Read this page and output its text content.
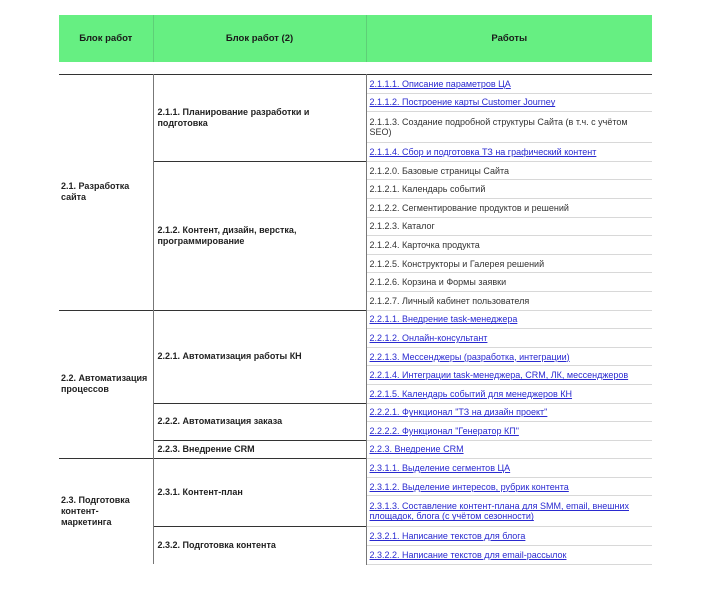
Блок работ	Блок работ (2)	Работы

2.1. Разработка сайта	2.1.1. Планирование разработки и подготовка	2.1.1.1. Описание параметров ЦА
		2.1.1.2. Построение карты Customer Journey
		2.1.1.3. Создание подробной структуры Сайта (в т.ч. с учётом SEO)
		2.1.1.4. Сбор и подготовка ТЗ на графический контент
	2.1.2. Контент, дизайн, верстка, программирование	2.1.2.0. Базовые страницы Сайта
		2.1.2.1. Календарь событий
		2.1.2.2. Сегментирование продуктов и решений
		2.1.2.3. Каталог
		2.1.2.4. Карточка продукта
		2.1.2.5. Конструкторы и Галерея решений
		2.1.2.6. Корзина и Формы заявки
		2.1.2.7. Личный кабинет пользователя
2.2. Автоматизация процессов	2.2.1. Автоматизация работы КН	2.2.1.1. Внедрение task-менеджера
		2.2.1.2. Онлайн-консультант
		2.2.1.3. Мессенджеры (разработка, интеграции)
		2.2.1.4. Интеграции task-менеджера, CRM, ЛК, мессенджеров
		2.2.1.5. Календарь событий для менеджеров КН
	2.2.2. Автоматизация заказа	2.2.2.1. Функционал "ТЗ на дизайн проект"
		2.2.2.2. Функционал "Генератор КП"
	2.2.3. Внедрение CRM	2.2.3. Внедрение CRM
2.3. Подготовка контент-маркетинга	2.3.1. Контент-план	2.3.1.1. Выделение сегментов ЦА
		2.3.1.2. Выделение интересов, рубрик контента
		2.3.1.3. Составление контент-плана для SMM, email, внешних площадок, блога (с учётом сезонности)
	2.3.2. Подготовка контента	2.3.2.1. Написание текстов для блога
		2.3.2.2. Написание текстов для email-рассылок
